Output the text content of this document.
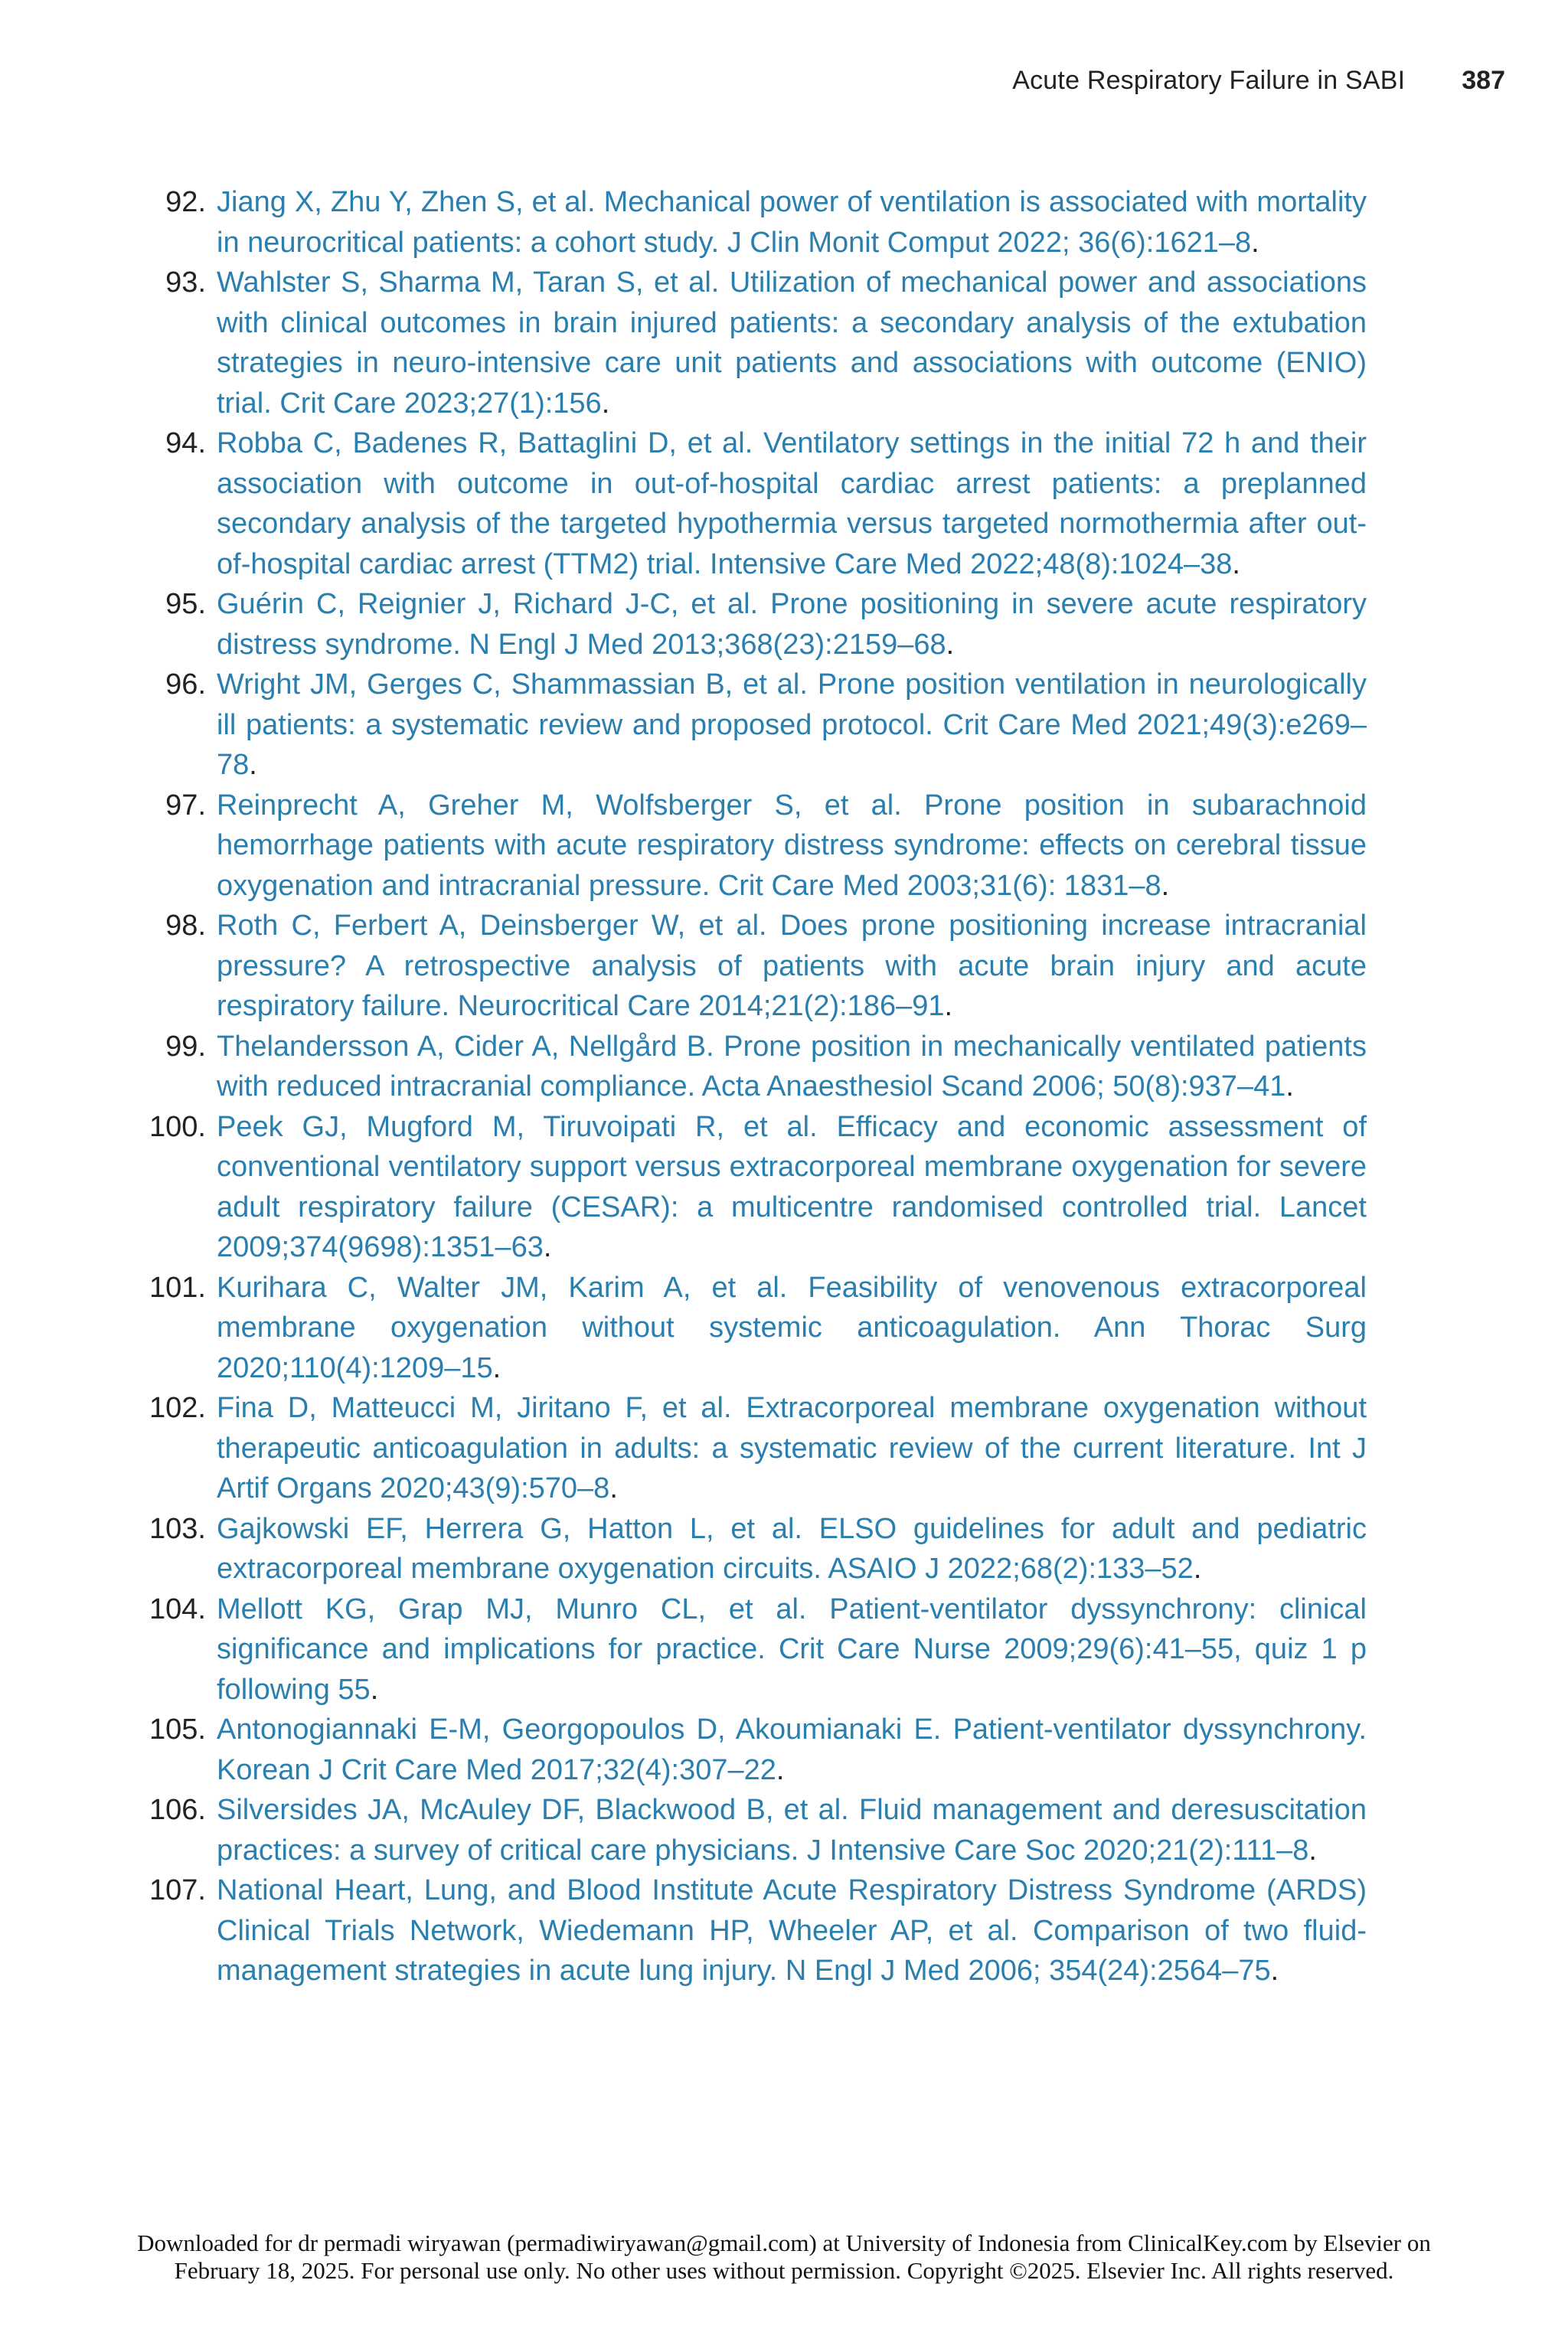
Acute Respiratory Failure in SABI 387
92. Jiang X, Zhu Y, Zhen S, et al. Mechanical power of ventilation is associated with mortality in neurocritical patients: a cohort study. J Clin Monit Comput 2022; 36(6):1621–8.
93. Wahlster S, Sharma M, Taran S, et al. Utilization of mechanical power and associations with clinical outcomes in brain injured patients: a secondary analysis of the extubation strategies in neuro-intensive care unit patients and associations with outcome (ENIO) trial. Crit Care 2023;27(1):156.
94. Robba C, Badenes R, Battaglini D, et al. Ventilatory settings in the initial 72 h and their association with outcome in out-of-hospital cardiac arrest patients: a preplanned secondary analysis of the targeted hypothermia versus targeted normothermia after out-of-hospital cardiac arrest (TTM2) trial. Intensive Care Med 2022;48(8):1024–38.
95. Guérin C, Reignier J, Richard J-C, et al. Prone positioning in severe acute respiratory distress syndrome. N Engl J Med 2013;368(23):2159–68.
96. Wright JM, Gerges C, Shammassian B, et al. Prone position ventilation in neurologically ill patients: a systematic review and proposed protocol. Crit Care Med 2021;49(3):e269–78.
97. Reinprecht A, Greher M, Wolfsberger S, et al. Prone position in subarachnoid hemorrhage patients with acute respiratory distress syndrome: effects on cerebral tissue oxygenation and intracranial pressure. Crit Care Med 2003;31(6): 1831–8.
98. Roth C, Ferbert A, Deinsberger W, et al. Does prone positioning increase intracranial pressure? A retrospective analysis of patients with acute brain injury and acute respiratory failure. Neurocritical Care 2014;21(2):186–91.
99. Thelandersson A, Cider A, Nellgård B. Prone position in mechanically ventilated patients with reduced intracranial compliance. Acta Anaesthesiol Scand 2006; 50(8):937–41.
100. Peek GJ, Mugford M, Tiruvoipati R, et al. Efficacy and economic assessment of conventional ventilatory support versus extracorporeal membrane oxygenation for severe adult respiratory failure (CESAR): a multicentre randomised controlled trial. Lancet 2009;374(9698):1351–63.
101. Kurihara C, Walter JM, Karim A, et al. Feasibility of venovenous extracorporeal membrane oxygenation without systemic anticoagulation. Ann Thorac Surg 2020;110(4):1209–15.
102. Fina D, Matteucci M, Jiritano F, et al. Extracorporeal membrane oxygenation without therapeutic anticoagulation in adults: a systematic review of the current literature. Int J Artif Organs 2020;43(9):570–8.
103. Gajkowski EF, Herrera G, Hatton L, et al. ELSO guidelines for adult and pediatric extracorporeal membrane oxygenation circuits. ASAIO J 2022;68(2):133–52.
104. Mellott KG, Grap MJ, Munro CL, et al. Patient-ventilator dyssynchrony: clinical significance and implications for practice. Crit Care Nurse 2009;29(6):41–55, quiz 1 p following 55.
105. Antonogiannaki E-M, Georgopoulos D, Akoumianaki E. Patient-ventilator dyssynchrony. Korean J Crit Care Med 2017;32(4):307–22.
106. Silversides JA, McAuley DF, Blackwood B, et al. Fluid management and deresuscitation practices: a survey of critical care physicians. J Intensive Care Soc 2020;21(2):111–8.
107. National Heart, Lung, and Blood Institute Acute Respiratory Distress Syndrome (ARDS) Clinical Trials Network, Wiedemann HP, Wheeler AP, et al. Comparison of two fluid-management strategies in acute lung injury. N Engl J Med 2006; 354(24):2564–75.
Downloaded for dr permadi wiryawan (permadiwiryawan@gmail.com) at University of Indonesia from ClinicalKey.com by Elsevier on
February 18, 2025. For personal use only. No other uses without permission. Copyright ©2025. Elsevier Inc. All rights reserved.
